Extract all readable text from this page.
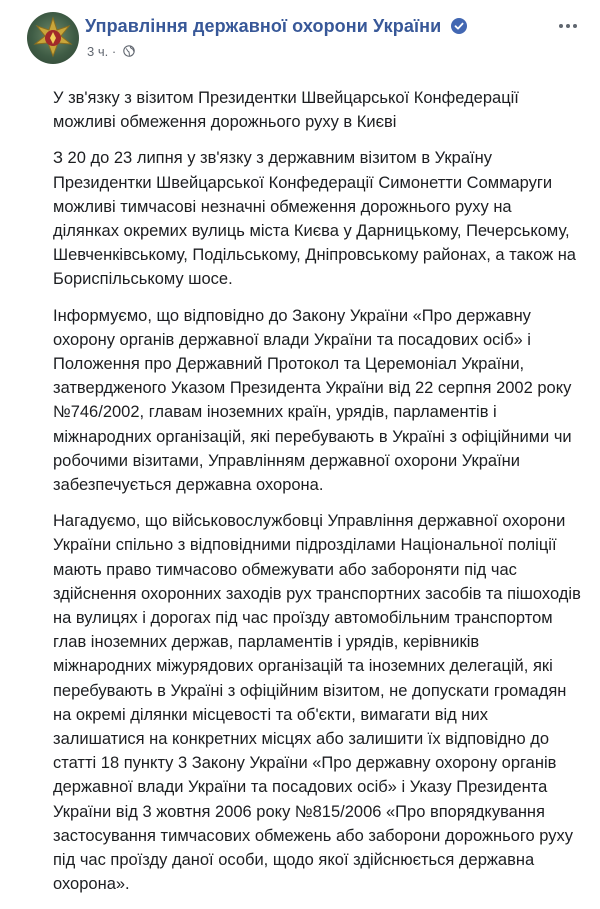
Управління державної охорони України
3 ч. ·
У зв'язку з візитом Президентки Швейцарської Конфедерації
можливі обмеження дорожнього руху в Києві
З 20 до 23 липня у зв'язку з державним візитом в Україну
Президентки Швейцарської Конфедерації Симонетти Соммаруги
можливі тимчасові незначні обмеження дорожнього руху на
ділянках окремих вулиць міста Києва у Дарницькому, Печерському,
Шевченківському, Подільському, Дніпровському районах, а також на
Бориспільському шосе.
Інформуємо, що відповідно до Закону України «Про державну
охорону органів державної влади України та посадових осіб» і
Положення про Державний Протокол та Церемоніал України,
затвердженого Указом Президента України від 22 серпня 2002 року
№746/2002, главам іноземних країн, урядів, парламентів і
міжнародних організацій, які перебувають в Україні з офіційними чи
робочими візитами, Управлінням державної охорони України
забезпечується державна охорона.
Нагадуємо, що військовослужбовці Управління державної охорони
України спільно з відповідними підрозділами Національної поліції
мають право тимчасово обмежувати або забороняти під час
здійснення охоронних заходів рух транспортних засобів та пішоходів
на вулицях і дорогах під час проїзду автомобільним транспортом
глав іноземних держав, парламентів і урядів, керівників
міжнародних міжурядових організацій та іноземних делегацій, які
перебувають в Україні з офіційним візитом, не допускати громадян
на окремі ділянки місцевості та об'єкти, вимагати від них
залишатися на конкретних місцях або залишити їх відповідно до
статті 18 пункту 3 Закону України «Про державну охорону органів
державної влади України та посадових осіб» і Указу Президента
України від 3 жовтня 2006 року №815/2006 «Про впорядкування
застосування тимчасових обмежень або заборони дорожнього руху
під час проїзду даної особи, щодо якої здійснюється державна
охорона».
